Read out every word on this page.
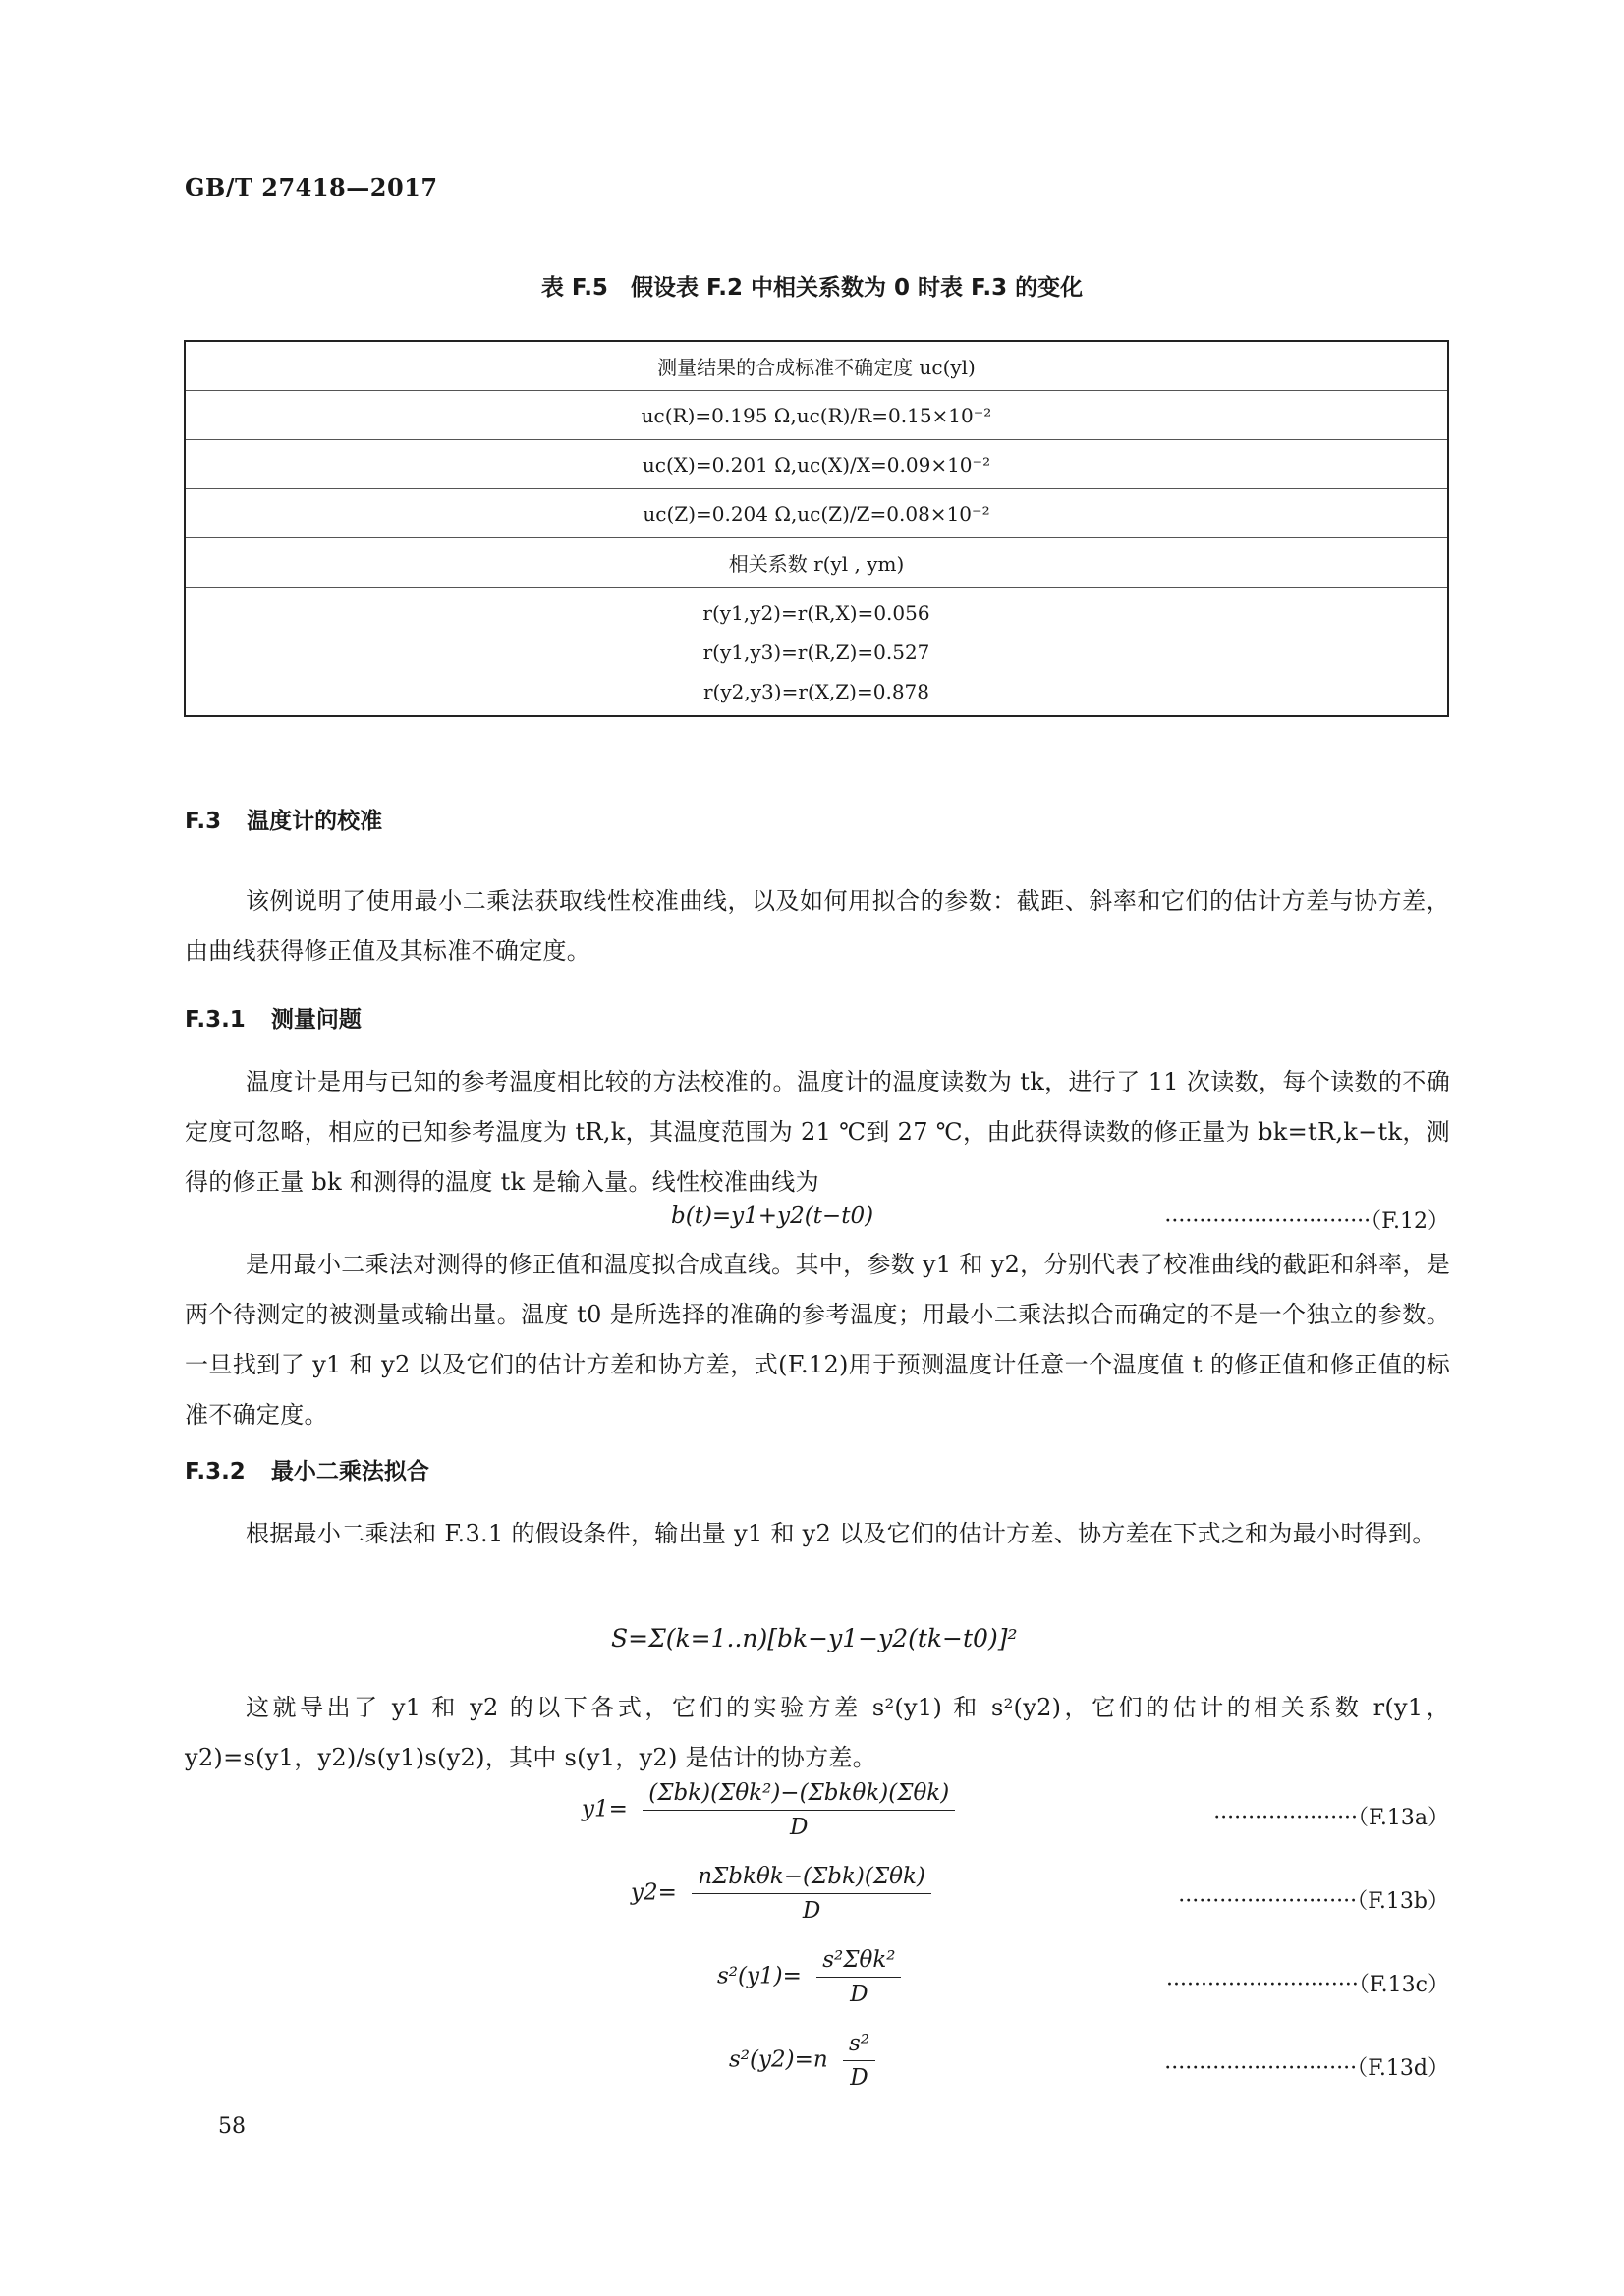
GB/T 27418—2017
表 F.5　假设表 F.2 中相关系数为 0 时表 F.3 的变化
测量结果的合成标准不确定度 uc(yl)
uc(R)=0.195 Ω,uc(R)/R=0.15×10⁻²
uc(X)=0.201 Ω,uc(X)/X=0.09×10⁻²
uc(Z)=0.204 Ω,uc(Z)/Z=0.08×10⁻²
相关系数 r(yl , ym)
r(y1,y2)=r(R,X)=0.056
r(y1,y3)=r(R,Z)=0.527
r(y2,y3)=r(X,Z)=0.878
F.3 温度计的校准

该例说明了使用最小二乘法获取线性校准曲线，以及如何用拟合的参数：截距、斜率和它们的估计方差与协方差，由曲线获得修正值及其标准不确定度。

F.3.1 测量问题

温度计是用与已知的参考温度相比较的方法校准的。温度计的温度读数为 tk，进行了 11 次读数，每个读数的不确定度可忽略，相应的已知参考温度为 tR,k，其温度范围为 21 ℃到 27 ℃，由此获得读数的修正量为 bk=tR,k−tk，测得的修正量 bk 和测得的温度 tk 是输入量。线性校准曲线为

b(t)=y1+y2(t−t0)	······························（F.12）

是用最小二乘法对测得的修正值和温度拟合成直线。其中，参数 y1 和 y2，分别代表了校准曲线的截距和斜率，是两个待测定的被测量或输出量。温度 t0 是所选择的准确的参考温度；用最小二乘法拟合而确定的不是一个独立的参数。一旦找到了 y1 和 y2 以及它们的估计方差和协方差，式(F.12)用于预测温度计任意一个温度值 t 的修正值和修正值的标准不确定度。

F.3.2 最小二乘法拟合

根据最小二乘法和 F.3.1 的假设条件，输出量 y1 和 y2 以及它们的估计方差、协方差在下式之和为最小时得到。

S=Σ(k=1..n)[bk−y1−y2(tk−t0)]²

这就导出了 y1 和 y2 的以下各式，它们的实验方差 s²(y1) 和 s²(y2)，它们的估计的相关系数 r(y1，y2)=s(y1，y2)/s(y1)s(y2)，其中 s(y1，y2) 是估计的协方差。

$y1= \frac{\text{(Σbk)(Σθk²)−(Σbkθk)(Σθk)}}{D}$	·····················（F.13a）
$y2= \frac{\text{nΣbkθk−(Σbk)(Σθk)}}{D}$	··························（F.13b）
$s^2(y1)= \frac{\text{s²Σθk²}}{D}$	····························（F.13c）
$s^2(y2)=n \frac{\text{s²}}{D}$	····························（F.13d）
58
